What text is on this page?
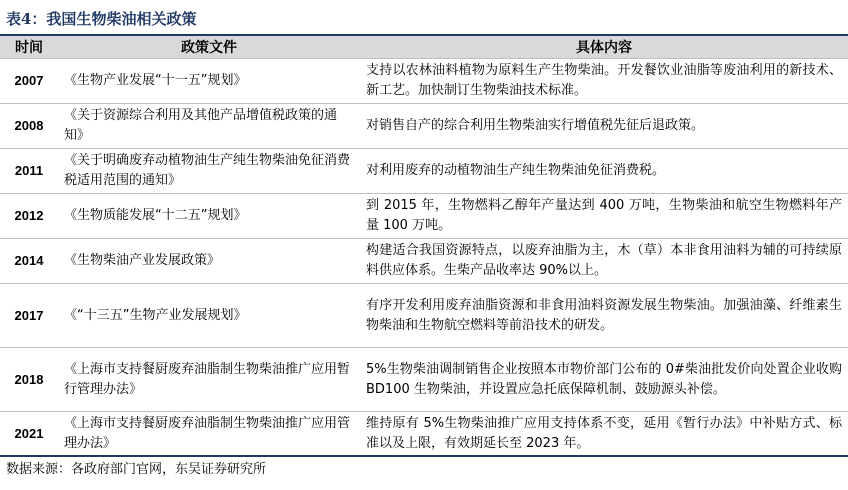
表4：我国生物柴油相关政策
时间	政策文件	具体内容
2007	《生物产业发展“十一五”规划》	支持以农林油料植物为原料生产生物柴油。开发餐饮业油脂等废油利用的新技术、新工艺。加快制订生物柴油技术标准。
2008	《关于资源综合利用及其他产品增值税政策的通知》	对销售自产的综合利用生物柴油实行增值税先征后退政策。
2011	《关于明确废弃动植物油生产纯生物柴油免征消费税适用范围的通知》	对利用废弃的动植物油生产纯生物柴油免征消费税。
2012	《生物质能发展“十二五”规划》	到 2015 年，生物燃料乙醇年产量达到 400 万吨，生物柴油和航空生物燃料年产量 100 万吨。
2014	《生物柴油产业发展政策》	构建适合我国资源特点，以废弃油脂为主，木（草）本非食用油料为辅的可持续原料供应体系。生柴产品收率达 90%以上。
2017	《“十三五”生物产业发展规划》	有序开发利用废弃油脂资源和非食用油料资源发展生物柴油。加强油藻、纤维素生物柴油和生物航空燃料等前沿技术的研发。
2018	《上海市支持餐厨废弃油脂制生物柴油推广应用暂行管理办法》	5%生物柴油调制销售企业按照本市物价部门公布的 0#柴油批发价向处置企业收购 BD100 生物柴油，并设置应急托底保障机制、鼓励源头补偿。
2021	《上海市支持餐厨废弃油脂制生物柴油推广应用管理办法》	维持原有 5%生物柴油推广应用支持体系不变，延用《暂行办法》中补贴方式、标准以及上限，有效期延长至 2023 年。
数据来源：各政府部门官网，东吴证券研究所
